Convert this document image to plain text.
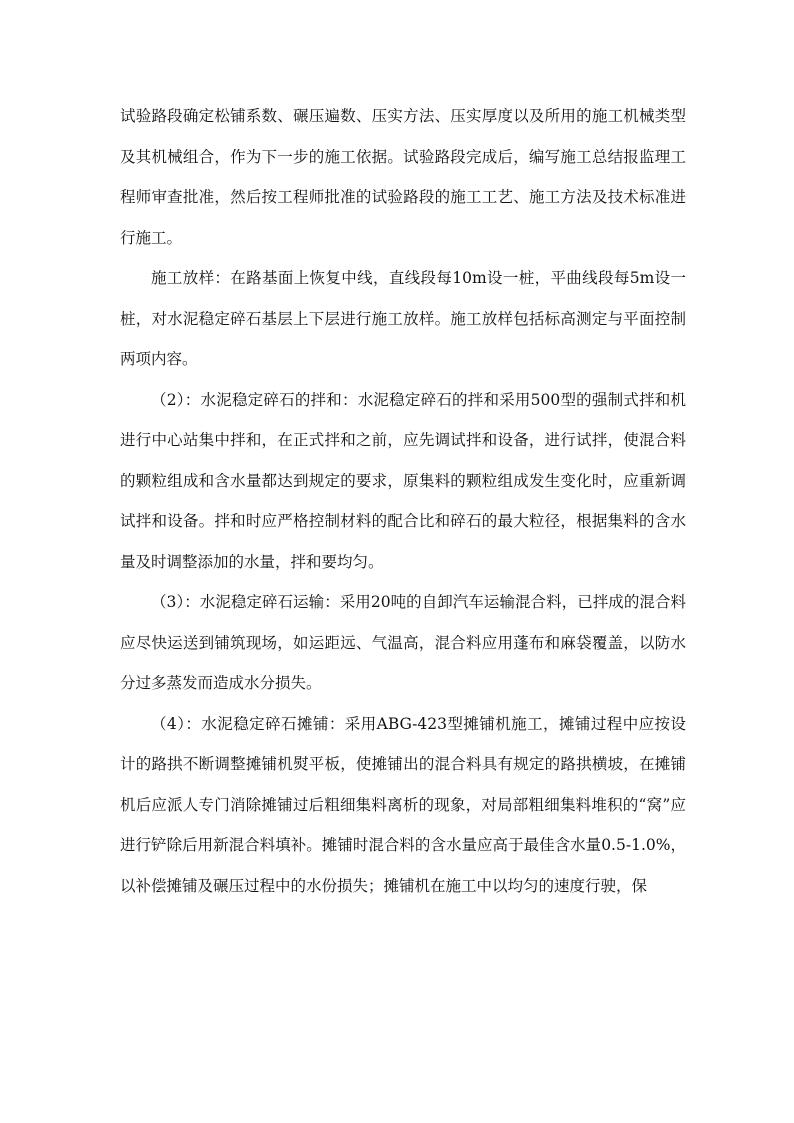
试验路段确定松铺系数、碾压遍数、压实方法、压实厚度以及所用的施工机械类型及其机械组合，作为下一步的施工依据。试验路段完成后，编写施工总结报监理工程师审查批准，然后按工程师批准的试验路段的施工工艺、施工方法及技术标准进行施工。

施工放样：在路基面上恢复中线，直线段每10m设一桩，平曲线段每5m设一桩，对水泥稳定碎石基层上下层进行施工放样。施工放样包括标高测定与平面控制两项内容。

（2）：水泥稳定碎石的拌和：水泥稳定碎石的拌和采用500型的强制式拌和机进行中心站集中拌和，在正式拌和之前，应先调试拌和设备，进行试拌，使混合料的颗粒组成和含水量都达到规定的要求，原集料的颗粒组成发生变化时，应重新调试拌和设备。拌和时应严格控制材料的配合比和碎石的最大粒径，根据集料的含水量及时调整添加的水量，拌和要均匀。

（3）：水泥稳定碎石运输：采用20吨的自卸汽车运输混合料，已拌成的混合料应尽快运送到铺筑现场，如运距远、气温高，混合料应用蓬布和麻袋覆盖，以防水分过多蒸发而造成水分损失。

（4）：水泥稳定碎石摊铺：采用ABG-423型摊铺机施工，摊铺过程中应按设计的路拱不断调整摊铺机熨平板，使摊铺出的混合料具有规定的路拱横坡，在摊铺机后应派人专门消除摊铺过后粗细集料离析的现象，对局部粗细集料堆积的“窝”应进行铲除后用新混合料填补。摊铺时混合料的含水量应高于最佳含水量0.5-1.0%，以补偿摊铺及碾压过程中的水份损失；摊铺机在施工中以均匀的速度行驶，保
